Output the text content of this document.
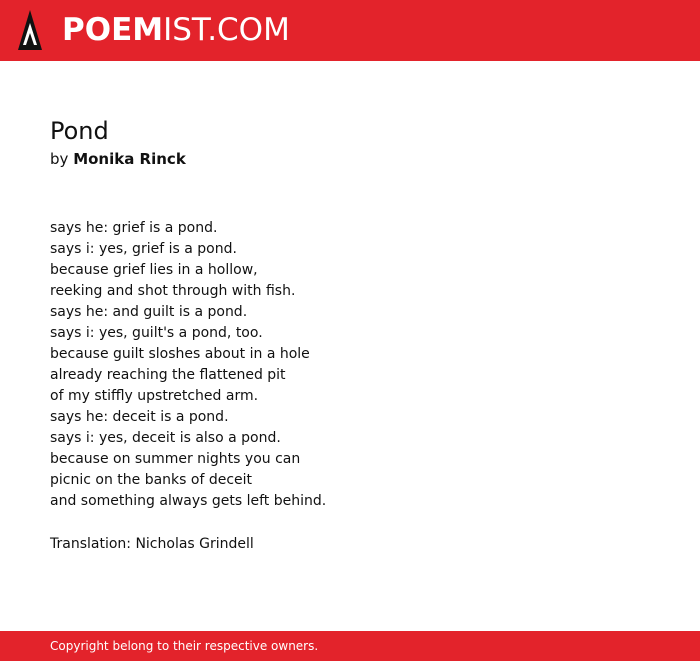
POEMIST.COM
Pond
by Monika Rinck
says he: grief is a pond.
says i: yes, grief is a pond.
because grief lies in a hollow,
reeking and shot through with fish.
says he: and guilt is a pond.
says i: yes, guilt's a pond, too.
because guilt sloshes about in a hole
already reaching the flattened pit
of my stiffly upstretched arm.
says he: deceit is a pond.
says i: yes, deceit is also a pond.
because on summer nights you can
picnic on the banks of deceit
and something always gets left behind.
Translation: Nicholas Grindell
Copyright belong to their respective owners.
